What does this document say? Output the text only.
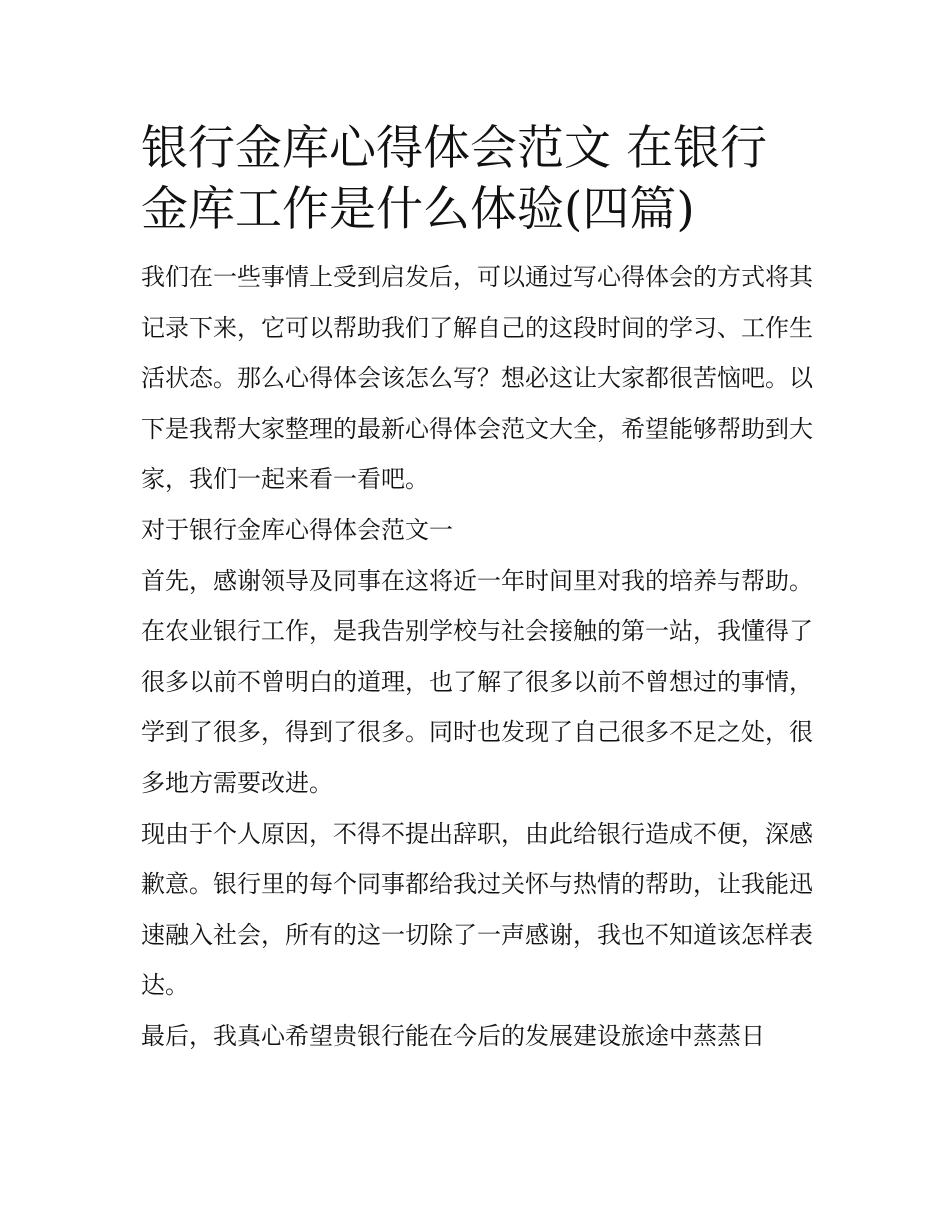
银行金库心得体会范文 在银行金库工作是什么体验(四篇)

我们在一些事情上受到启发后，可以通过写心得体会的方式将其记录下来，它可以帮助我们了解自己的这段时间的学习、工作生活状态。那么心得体会该怎么写？想必这让大家都很苦恼吧。以下是我帮大家整理的最新心得体会范文大全，希望能够帮助到大家，我们一起来看一看吧。

对于银行金库心得体会范文一

首先，感谢领导及同事在这将近一年时间里对我的培养与帮助。在农业银行工作，是我告别学校与社会接触的第一站，我懂得了很多以前不曾明白的道理，也了解了很多以前不曾想过的事情，学到了很多，得到了很多。同时也发现了自己很多不足之处，很多地方需要改进。

现由于个人原因，不得不提出辞职，由此给银行造成不便，深感歉意。银行里的每个同事都给我过关怀与热情的帮助，让我能迅速融入社会，所有的这一切除了一声感谢，我也不知道该怎样表达。

最后，我真心希望贵银行能在今后的发展建设旅途中蒸蒸日
